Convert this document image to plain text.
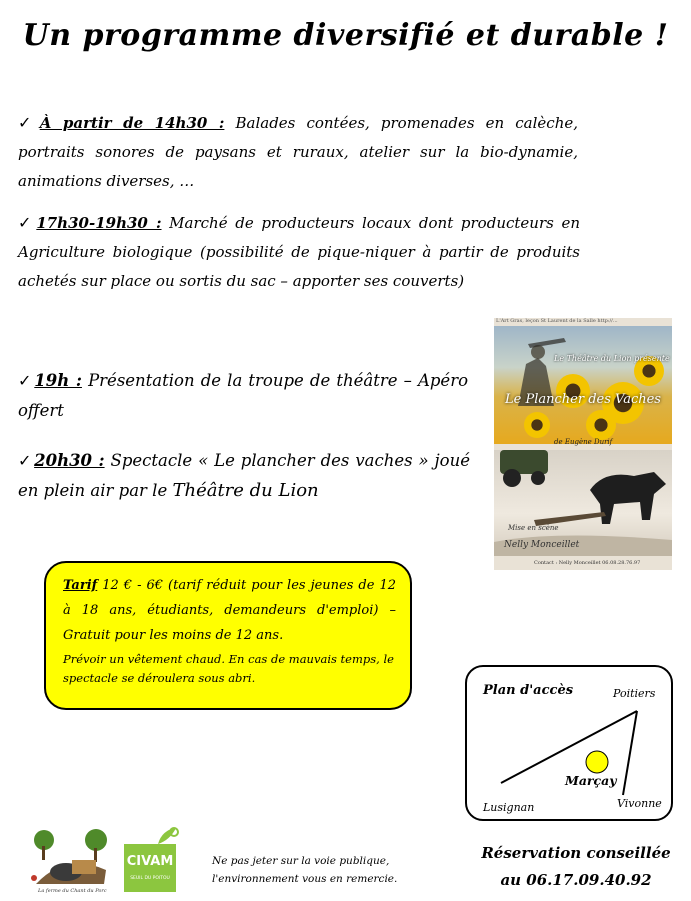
Un programme diversifié et durable !
✓ À partir de 14h30 : Balades contées, promenades en calèche, portraits sonores de paysans et ruraux, atelier sur la bio-dynamie, animations diverses, …
✓ 17h30-19h30 : Marché de producteurs locaux dont producteurs en Agriculture biologique (possibilité de pique-niquer à partir de produits achetés sur place ou sortis du sac – apporter ses couverts)
✓ 19h : Présentation de la troupe de théâtre – Apéro offert
✓ 20h30 : Spectacle « Le plancher des vaches » joué en plein air par le Théâtre du Lion
L'Art Gras, leçon St Laurent de la Salle http://...
Le Théâtre du Lion présente
Le Plancher des Vaches
de Eugène Durif
Mise en scène
Nelly Monceillet
Contact : Nelly Monceillet 06.08.28.76.97
Tarif 12 € - 6€ (tarif réduit pour les jeunes de 12 à 18 ans, étudiants, demandeurs d'emploi) – Gratuit pour les moins de 12 ans.
Prévoir un vêtement chaud. En cas de mauvais temps, le spectacle se déroulera sous abri.
Plan d'accès	Poitiers
Marçay
Vivonne
Lusignan
Réservation conseillée
au 06.17.09.40.92
Ne pas jeter sur la voie publique,
l'environnement vous en remercie.
La ferme du Chant du Porc
CIVAM
SEUIL DU POITOU
